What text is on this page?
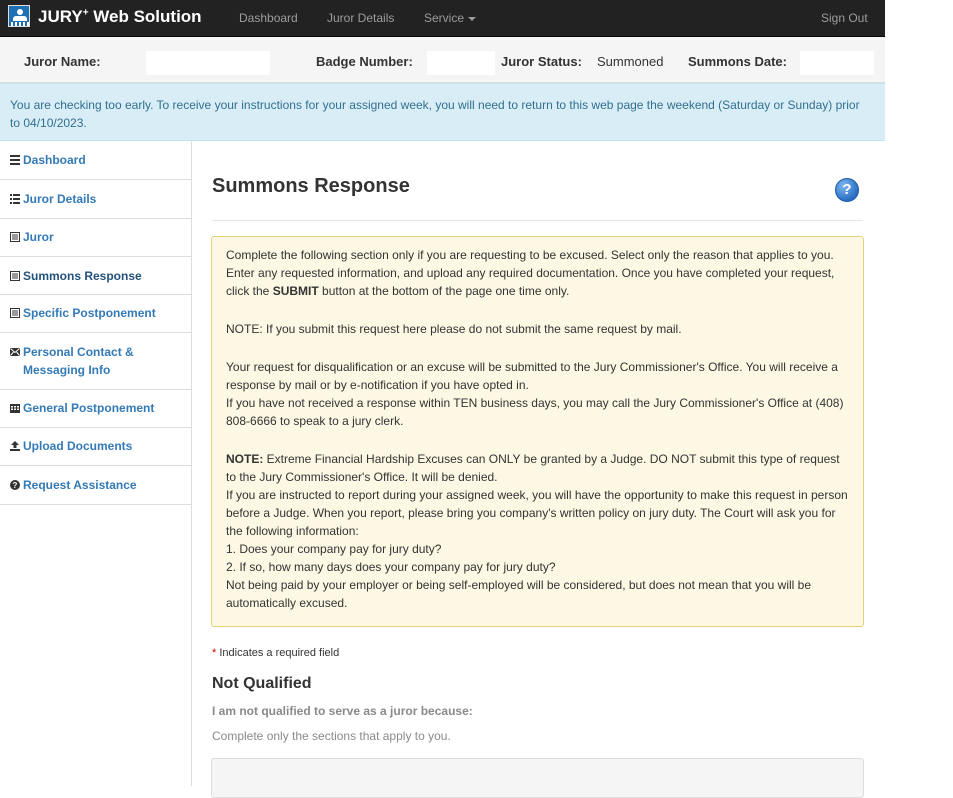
JURY+ Web Solution	Dashboard Juror Details Service	Sign Out
Juror Name:	Badge Number:	Juror Status: Summoned Summons Date:

You are checking too early. To receive your instructions for your assigned week, you will need to return to this web page the weekend (Saturday or Sunday) prior to 04/10/2023.

Dashboard
Juror Details
Juror
Summons Response
Specific Postponement
Personal Contact & Messaging Info
General Postponement
Upload Documents
? Request Assistance
Summons Response	?

Complete the following section only if you are requesting to be excused. Select only the reason that applies to you. Enter any requested information, and upload any required documentation. Once you have completed your request, click the SUBMIT button at the bottom of the page one time only.

NOTE: If you submit this request here please do not submit the same request by mail.

Your request for disqualification or an excuse will be submitted to the Jury Commissioner's Office. You will receive a response by mail or by e-notification if you have opted in.

If you have not received a response within TEN business days, you may call the Jury Commissioner's Office at (408) 808-6666 to speak to a jury clerk.

NOTE: Extreme Financial Hardship Excuses can ONLY be granted by a Judge. DO NOT submit this type of request to the Jury Commissioner's Office. It will be denied.

If you are instructed to report during your assigned week, you will have the opportunity to make this request in person before a Judge. When you report, please bring you company's written policy on jury duty. The Court will ask you for the following information:

1. Does your company pay for jury duty?

2. If so, how many days does your company pay for jury duty?

Not being paid by your employer or being self-employed will be considered, but does not mean that you will be automatically excused.

* Indicates a required field
Not Qualified
I am not qualified to serve as a juror because:
Complete only the sections that apply to you.
